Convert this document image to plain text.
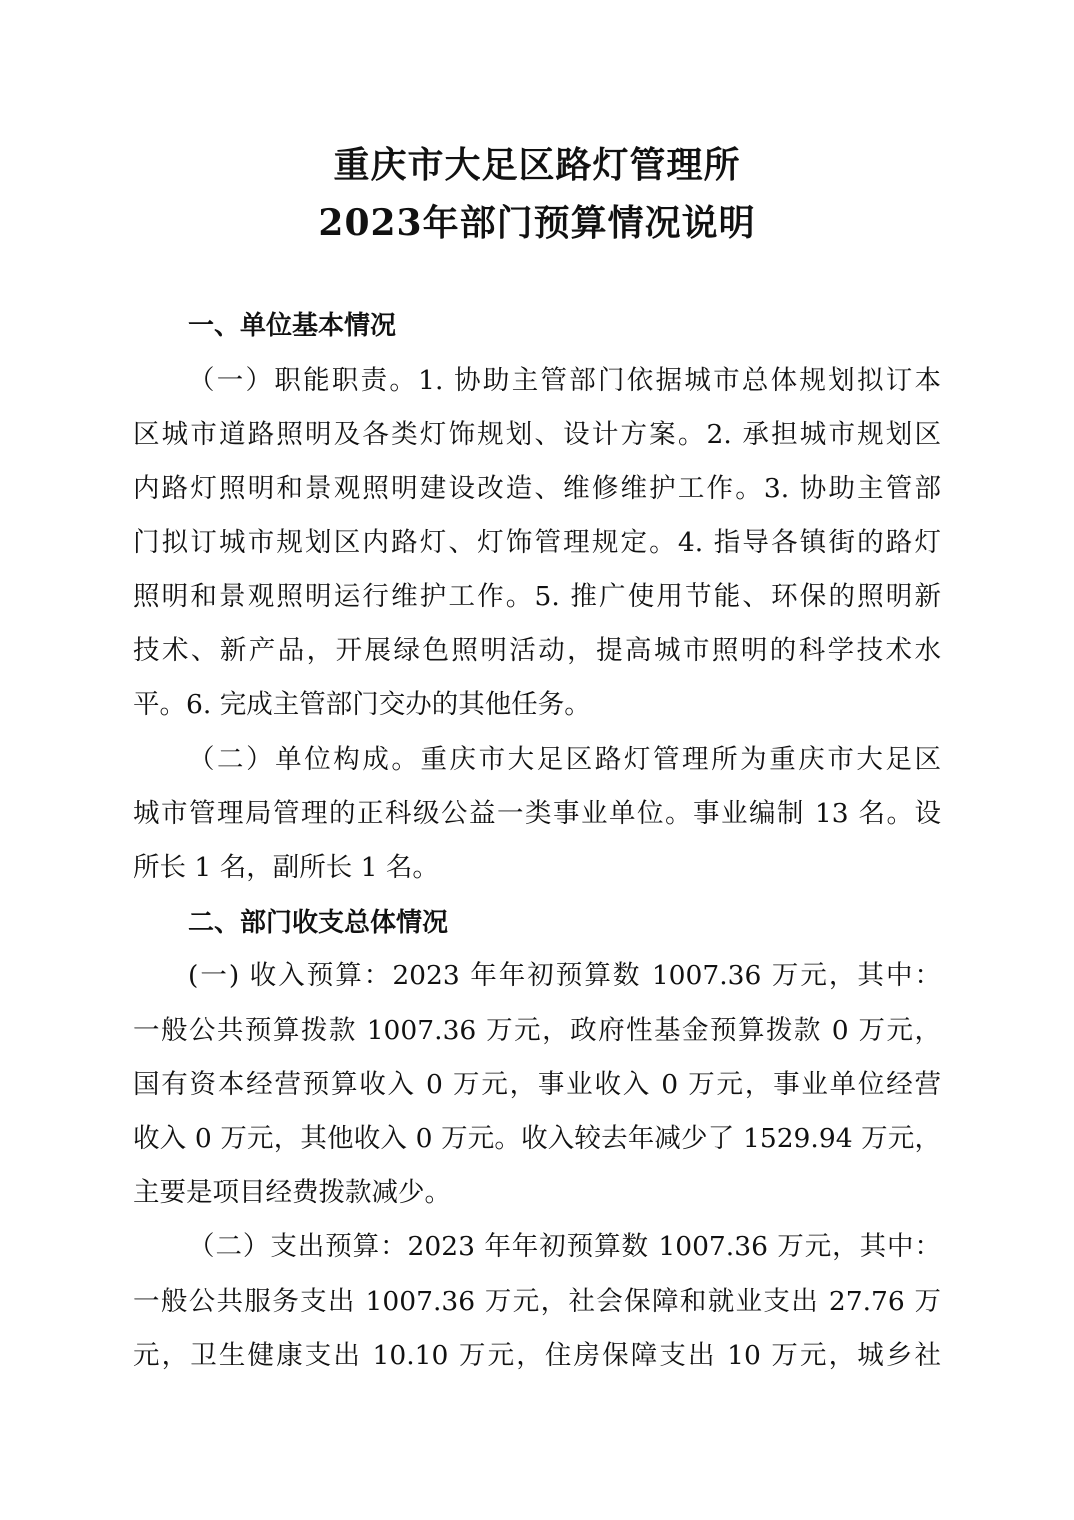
重庆市大足区路灯管理所
2023年部门预算情况说明
一、单位基本情况
（一）职能职责。1. 协助主管部门依据城市总体规划拟订本
区城市道路照明及各类灯饰规划、设计方案。2. 承担城市规划区
内路灯照明和景观照明建设改造、维修维护工作。3. 协助主管部
门拟订城市规划区内路灯、灯饰管理规定。4. 指导各镇街的路灯
照明和景观照明运行维护工作。5. 推广使用节能、环保的照明新
技术、新产品，开展绿色照明活动，提高城市照明的科学技术水
平。6. 完成主管部门交办的其他任务。
（二）单位构成。重庆市大足区路灯管理所为重庆市大足区
城市管理局管理的正科级公益一类事业单位。事业编制 13 名。设
所长 1 名，副所长 1 名。
二、部门收支总体情况
(一) 收入预算：2023 年年初预算数 1007.36 万元，其中：
一般公共预算拨款 1007.36 万元，政府性基金预算拨款 0 万元，
国有资本经营预算收入 0 万元，事业收入 0 万元，事业单位经营
收入 0 万元，其他收入 0 万元。收入较去年减少了 1529.94 万元，
主要是项目经费拨款减少。
（二）支出预算：2023 年年初预算数 1007.36 万元，其中：
一般公共服务支出 1007.36 万元，社会保障和就业支出 27.76 万
元，卫生健康支出 10.10 万元，住房保障支出 10 万元，城乡社
